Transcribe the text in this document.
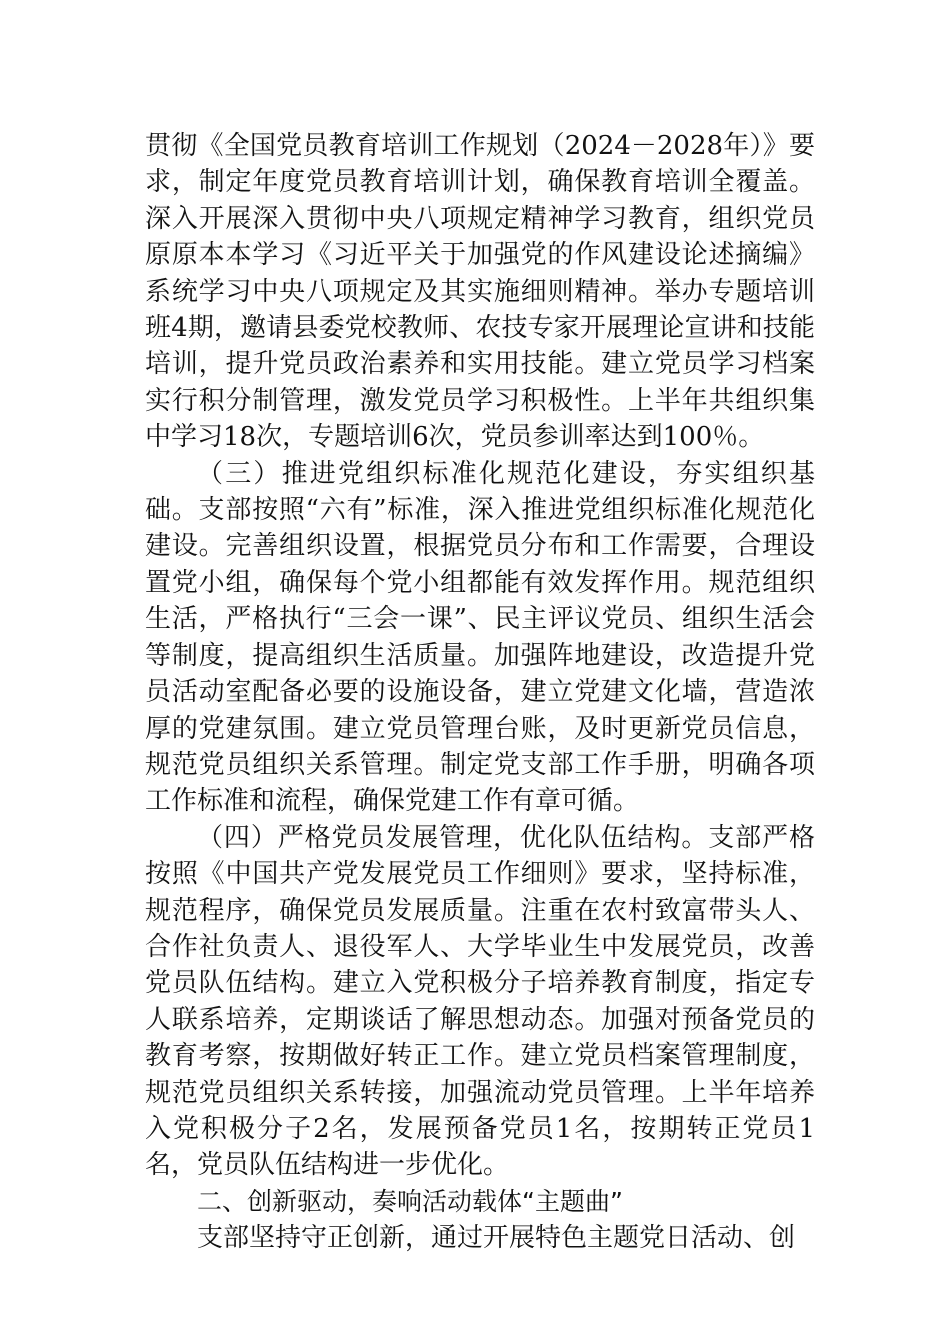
贯彻《全国党员教育培训工作规划（2024－2028年）》要求，制定年度党员教育培训计划，确保教育培训全覆盖。深入开展深入贯彻中央八项规定精神学习教育，组织党员原原本本学习《习近平关于加强党的作风建设论述摘编》系统学习中央八项规定及其实施细则精神。举办专题培训班4期，邀请县委党校教师、农技专家开展理论宣讲和技能培训，提升党员政治素养和实用技能。建立党员学习档案实行积分制管理，激发党员学习积极性。上半年共组织集中学习18次，专题培训6次，党员参训率达到100％。

（三）推进党组织标准化规范化建设，夯实组织基础。支部按照“六有”标准，深入推进党组织标准化规范化建设。完善组织设置，根据党员分布和工作需要，合理设置党小组，确保每个党小组都能有效发挥作用。规范组织生活，严格执行“三会一课”、民主评议党员、组织生活会等制度，提高组织生活质量。加强阵地建设，改造提升党员活动室配备必要的设施设备，建立党建文化墙，营造浓厚的党建氛围。建立党员管理台账，及时更新党员信息，规范党员组织关系管理。制定党支部工作手册，明确各项工作标准和流程，确保党建工作有章可循。

（四）严格党员发展管理，优化队伍结构。支部严格按照《中国共产党发展党员工作细则》要求，坚持标准，规范程序，确保党员发展质量。注重在农村致富带头人、合作社负责人、退役军人、大学毕业生中发展党员，改善党员队伍结构。建立入党积极分子培养教育制度，指定专人联系培养，定期谈话了解思想动态。加强对预备党员的教育考察，按期做好转正工作。建立党员档案管理制度，规范党员组织关系转接，加强流动党员管理。上半年培养入党积极分子2名，发展预备党员1名，按期转正党员1名，党员队伍结构进一步优化。

二、创新驱动，奏响活动载体“主题曲”

支部坚持守正创新，通过开展特色主题党日活动、创
